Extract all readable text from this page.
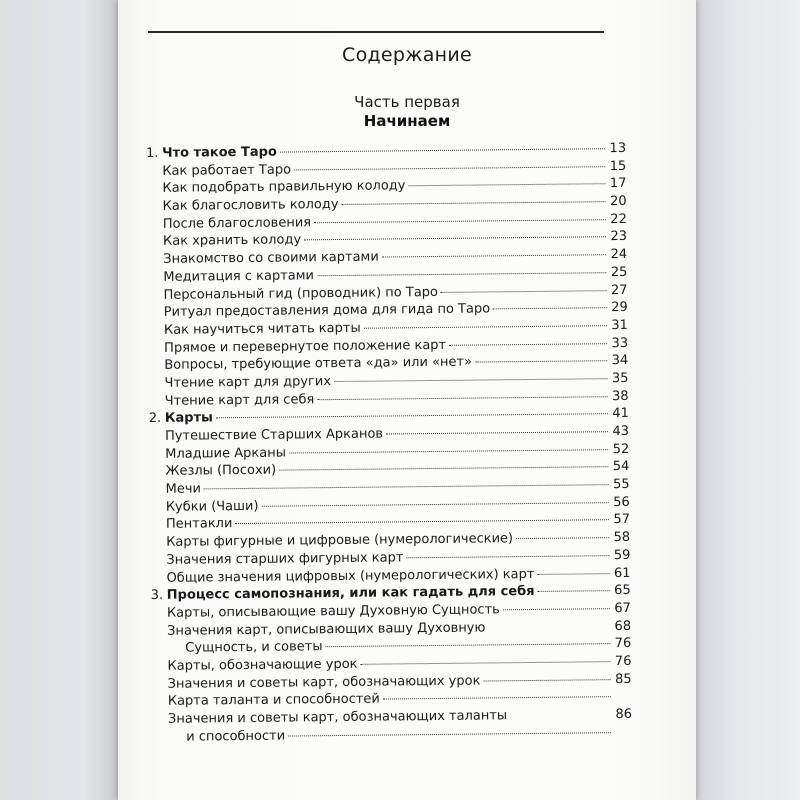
Содержание
Часть первая
Начинаем
1. Что такое Таро	13
Как работает Таро	15
Как подобрать правильную колоду	17
Как благословить колоду	20
После благословения	22
Как хранить колоду	23
Знакомство со своими картами	24
Медитация с картами	25
Персональный гид (проводник) по Таро	27
Ритуал предоставления дома для гида по Таро	29
Как научиться читать карты	31
Прямое и перевернутое положение карт	33
Вопросы, требующие ответа «да» или «нет»	34
Чтение карт для других	35
Чтение карт для себя	38
2. Карты	41
Путешествие Старших Арканов	43
Младшие Арканы	52
Жезлы (Посохи)	54
Мечи	55
Кубки (Чаши)	56
Пентакли	57
Карты фигурные и цифровые (нумерологические)	58
Значения старших фигурных карт	59
Общие значения цифровых (нумерологических) карт	61
3. Процесс самопознания, или как гадать для себя	65
Карты, описывающие вашу Духовную Сущность	67
Значения карт, описывающих вашу Духовную	68
Сущность, и советы	76
Карты, обозначающие урок	76
Значения и советы карт, обозначающих урок	85
Карта таланта и способностей
Значения и советы карт, обозначающих таланты	86
и способности
